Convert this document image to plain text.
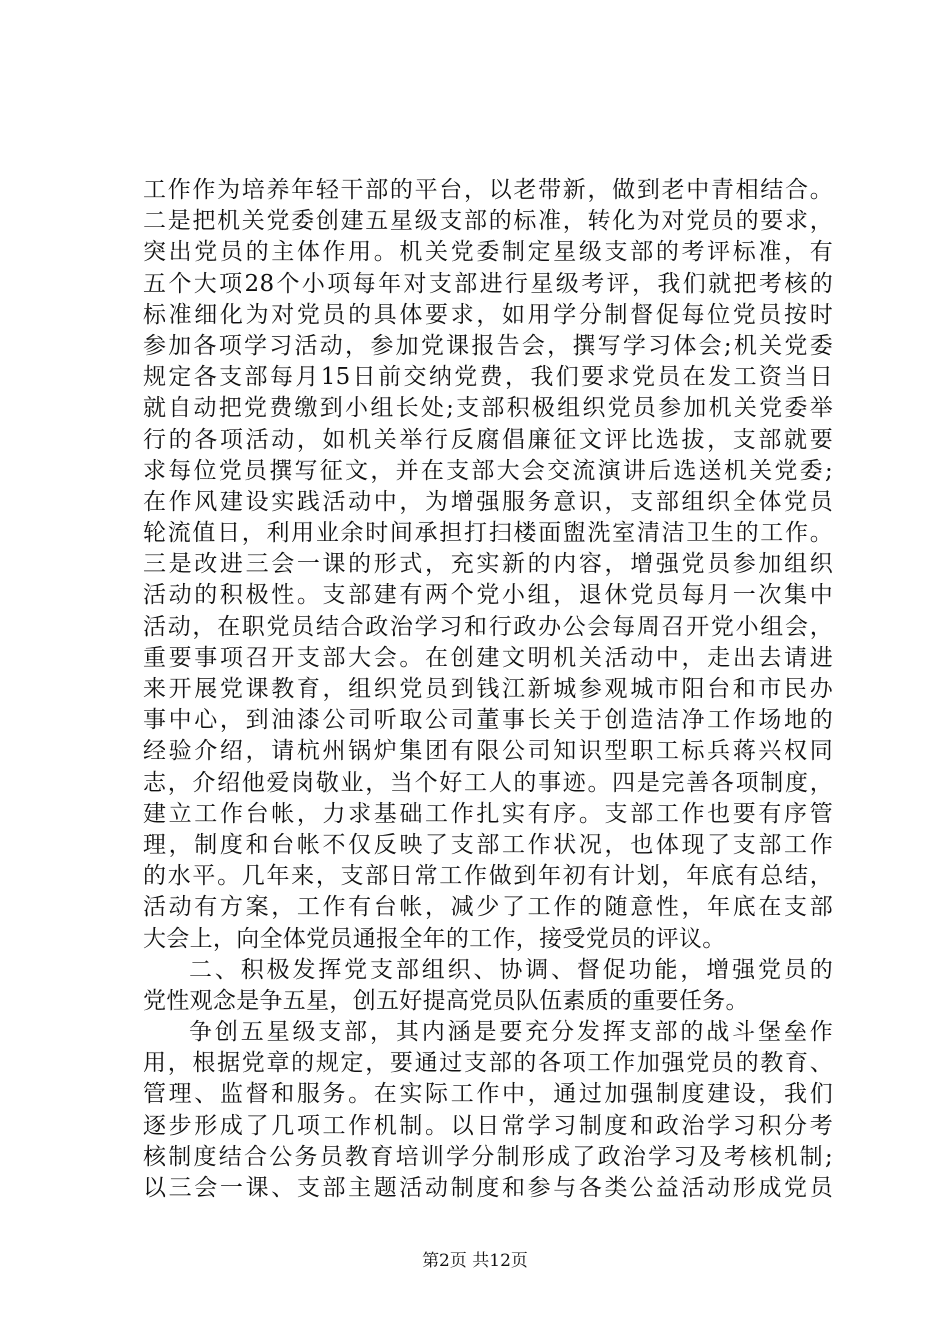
工作作为培养年轻干部的平台，以老带新，做到老中青相结合。
二是把机关党委创建五星级支部的标准，转化为对党员的要求，
突出党员的主体作用。机关党委制定星级支部的考评标准，有
五个大项28个小项每年对支部进行星级考评，我们就把考核的
标准细化为对党员的具体要求，如用学分制督促每位党员按时
参加各项学习活动，参加党课报告会，撰写学习体会;机关党委
规定各支部每月15日前交纳党费，我们要求党员在发工资当日
就自动把党费缴到小组长处;支部积极组织党员参加机关党委举
行的各项活动，如机关举行反腐倡廉征文评比选拔，支部就要
求每位党员撰写征文，并在支部大会交流演讲后选送机关党委;
在作风建设实践活动中，为增强服务意识，支部组织全体党员
轮流值日，利用业余时间承担打扫楼面盥洗室清洁卫生的工作。
三是改进三会一课的形式，充实新的内容，增强党员参加组织
活动的积极性。支部建有两个党小组，退休党员每月一次集中
活动，在职党员结合政治学习和行政办公会每周召开党小组会，
重要事项召开支部大会。在创建文明机关活动中，走出去请进
来开展党课教育，组织党员到钱江新城参观城市阳台和市民办
事中心，到油漆公司听取公司董事长关于创造洁净工作场地的
经验介绍，请杭州锅炉集团有限公司知识型职工标兵蒋兴权同
志，介绍他爱岗敬业，当个好工人的事迹。四是完善各项制度，
建立工作台帐，力求基础工作扎实有序。支部工作也要有序管
理，制度和台帐不仅反映了支部工作状况，也体现了支部工作
的水平。几年来，支部日常工作做到年初有计划，年底有总结，
活动有方案，工作有台帐，减少了工作的随意性，年底在支部
大会上，向全体党员通报全年的工作，接受党员的评议。
二、积极发挥党支部组织、协调、督促功能，增强党员的
党性观念是争五星，创五好提高党员队伍素质的重要任务。
争创五星级支部，其内涵是要充分发挥支部的战斗堡垒作
用，根据党章的规定，要通过支部的各项工作加强党员的教育、
管理、监督和服务。在实际工作中，通过加强制度建设，我们
逐步形成了几项工作机制。以日常学习制度和政治学习积分考
核制度结合公务员教育培训学分制形成了政治学习及考核机制;
以三会一课、支部主题活动制度和参与各类公益活动形成党员
第2页 共12页
